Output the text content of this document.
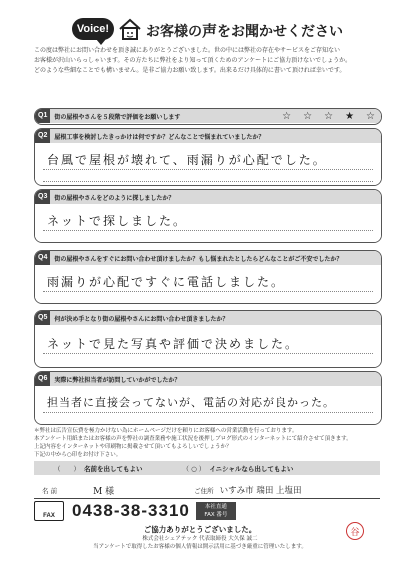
Voice!	お客様の声をお聞かせください
この度は弊社にお問い合わせを頂き誠にありがとうございました。世の中には弊社の存在やサービスをご存知ない
お客様が沢山いらっしゃいます。その方たちに弊社をより知って頂くためのアンケートにご協力頂けないでしょうか。
どのような些細なことでも構いません。是非ご協力お願い致します。出来るだけ具体的に書いて頂ければ幸いです。
Q1	街の屋根やさんを５段階で評価をお願いします	☆ ☆ ☆ ★ ☆
Q2	屋根工事を検討したきっかけは何ですか？どんなことで悩まれていましたか？
台風で屋根が壊れて、雨漏りが心配でした。
Q3	街の屋根やさんをどのように探しましたか？
ネットで探しました。
Q4	街の屋根やさんをすぐにお問い合わせ頂けましたか？もし悩まれたとしたらどんなことがご不安でしたか？
雨漏りが心配ですぐに電話しました。
Q5	何が決め手となり街の屋根やさんにお問い合わせ頂きましたか？
ネットで見た写真や評価で決めました。
Q6	実際に弊社担当者が訪問していかがでしたか？
担当者に直接会ってないが、電話の対応が良かった。
＊弊社は広告宣伝費を極力かけない為にホームページだけを頼りにお客様への営業活動を行っております。
本アンケート用紙またはお客様の声を弊社の調査業務や施工状況を後押しブログ形式のインターネットにて紹介させて頂きます。
上記内容をインターネットや印刷物に掲載させて頂いてもよろしいでしょうか？
下記の中から○印をお付け下さい。
（　　） 名前を出してもよい	（ ○ ） イニシャルなら出してもよい
名 前	M 様	ご住所 いすみ市 瑞田 上塩田
FAX	0438-38-3310	本社直通
FAX 番号
ご協力ありがとうございました。
株式会社シェアテック 代表取締役 大久保 誠二
当アンケートで取得したお客様の個人情報は開示活用に基づき厳重に管理いたします。
谷
